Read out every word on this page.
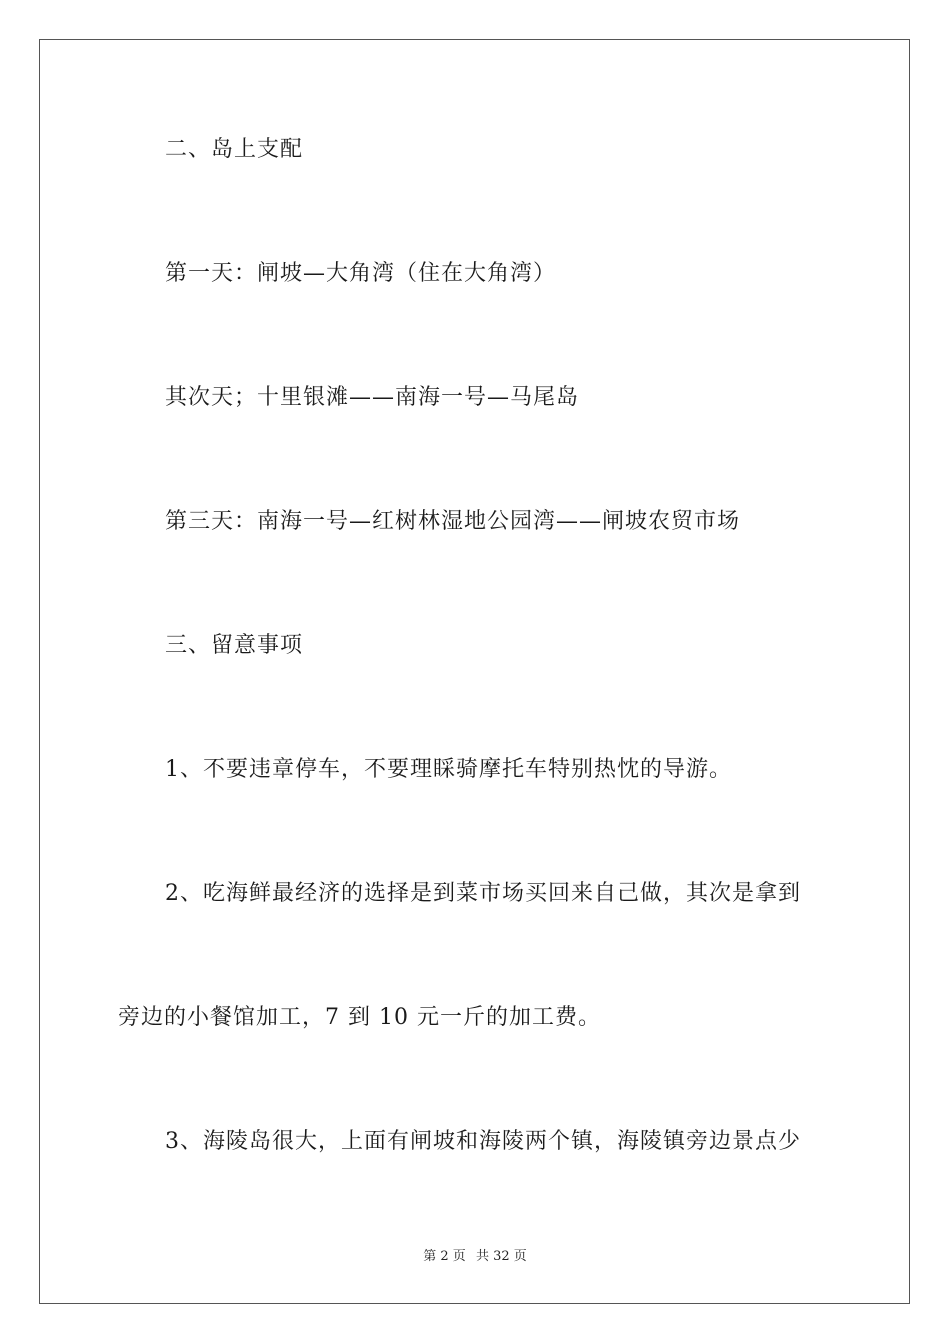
二、岛上支配
第一天：闸坡—大角湾（住在大角湾）
其次天；十里银滩——南海一号—马尾岛
第三天：南海一号—红树林湿地公园湾——闸坡农贸市场
三、留意事项
1、不要违章停车，不要理睬骑摩托车特别热忱的导游。
2、吃海鲜最经济的选择是到菜市场买回来自己做，其次是拿到
旁边的小餐馆加工，7 到 10 元一斤的加工费。
3、海陵岛很大，上面有闸坡和海陵两个镇，海陵镇旁边景点少
第 2 页 共 32 页
